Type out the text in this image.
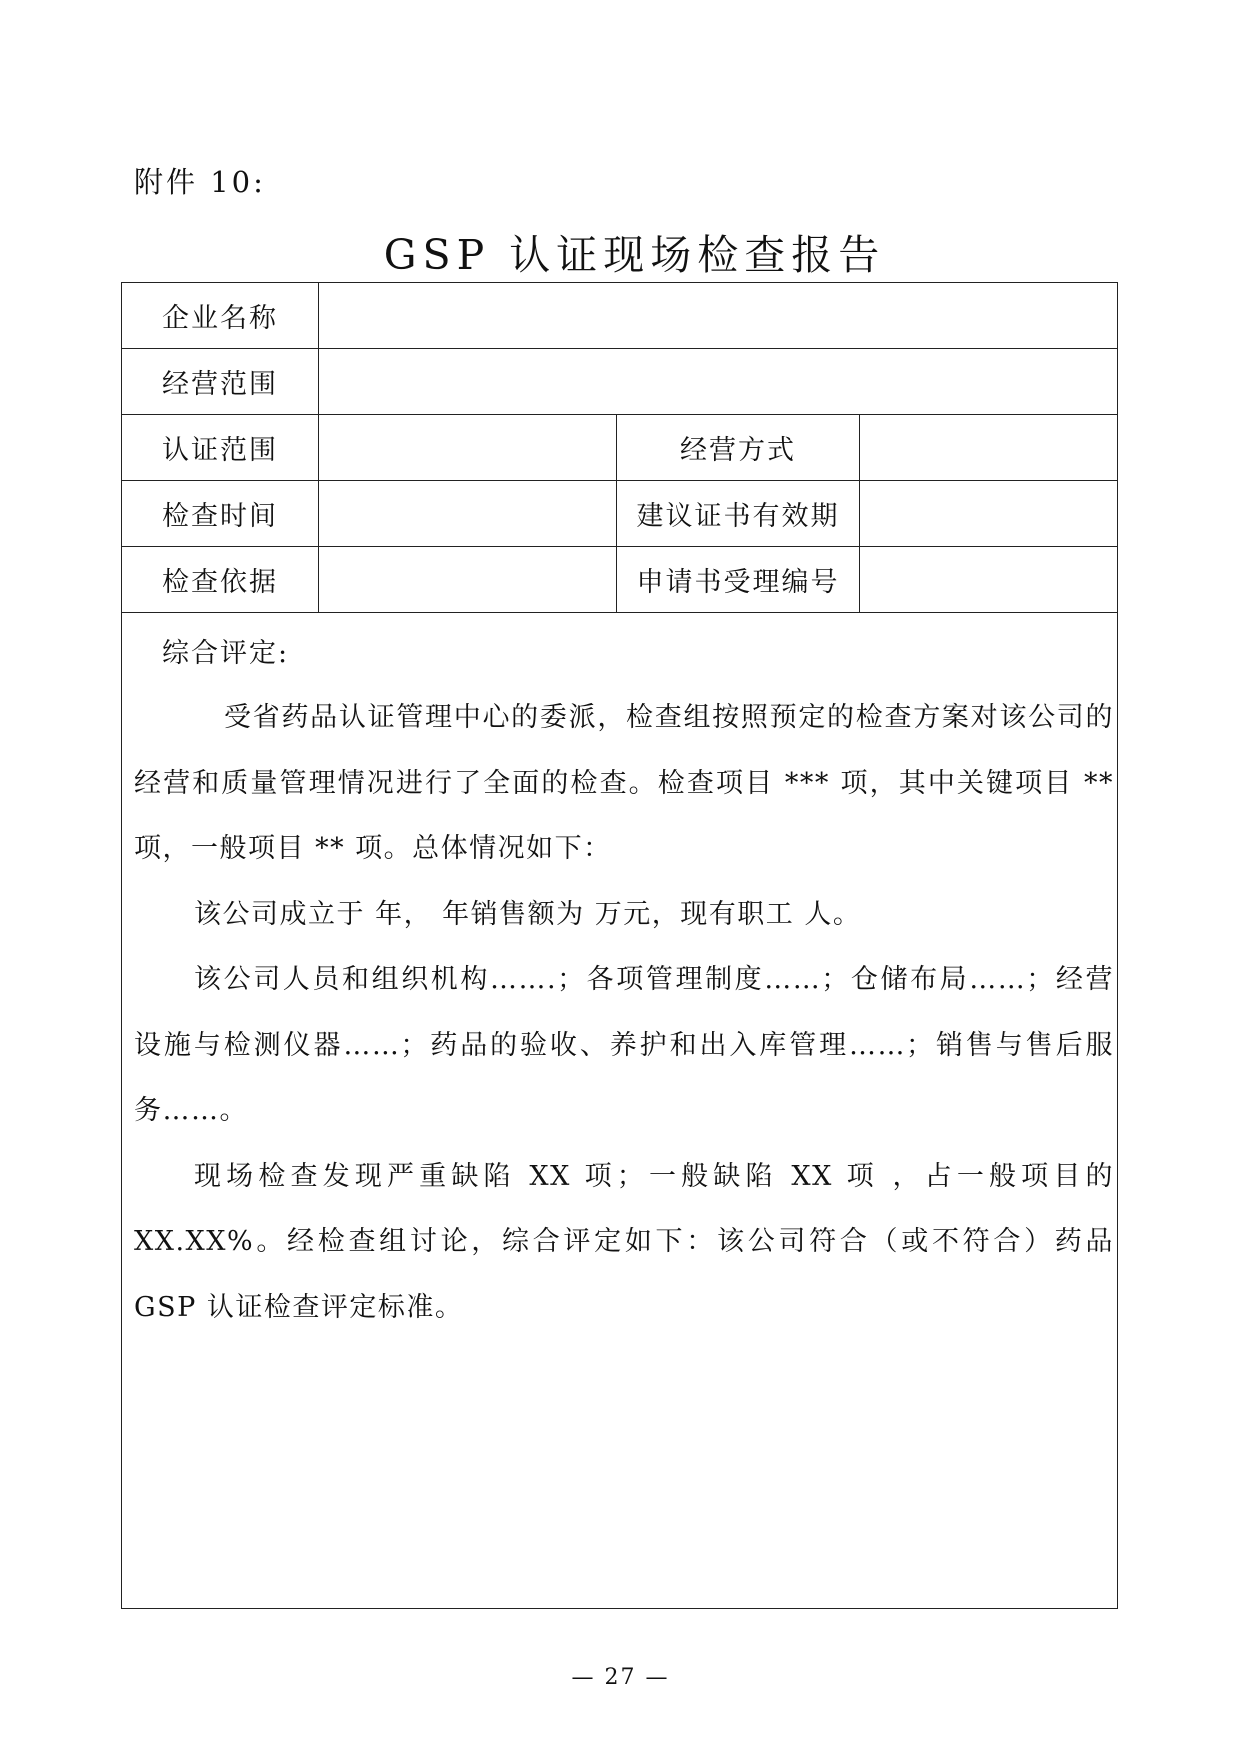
附件 10:
GSP 认证现场检查报告
企业名称
经营范围
认证范围	经营方式
检查时间	建议证书有效期
检查依据	申请书受理编号
综合评定:

受省药品认证管理中心的委派，检查组按照预定的检查方案对该公司的经营和质量管理情况进行了全面的检查。检查项目 *** 项，其中关键项目 ** 项，一般项目 ** 项。总体情况如下：

该公司成立于 年， 年销售额为 万元，现有职工 人。

该公司人员和组织机构…….；各项管理制度……；仓储布局……；经营设施与检测仪器……；药品的验收、养护和出入库管理……；销售与售后服务……。

现场检查发现严重缺陷 XX 项；一般缺陷 XX 项 ，占一般项目的 XX.XX%。经检查组讨论，综合评定如下：该公司符合（或不符合）药品 GSP 认证检查评定标准。

— 27 —
